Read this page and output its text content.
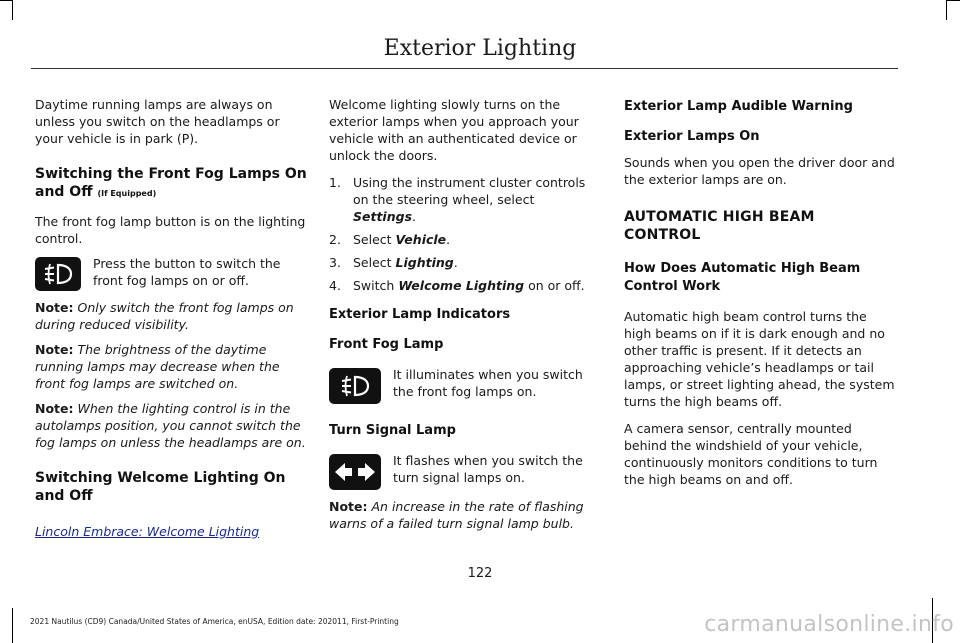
Exterior Lighting

Daytime running lamps are always on unless you switch on the headlamps or your vehicle is in park (P).

Switching the Front Fog Lamps On and Off (If Equipped)

The front fog lamp button is on the lighting control.

Press the button to switch the front fog lamps on or off.

Note: Only switch the front fog lamps on during reduced visibility.

Note: The brightness of the daytime running lamps may decrease when the front fog lamps are switched on.

Note: When the lighting control is in the autolamps position, you cannot switch the fog lamps on unless the headlamps are on.

Switching Welcome Lighting On and Off
Lincoln Embrace: Welcome Lighting

Welcome lighting slowly turns on the exterior lamps when you approach your vehicle with an authenticated device or unlock the doors.

1. Using the instrument cluster controls on the steering wheel, select Settings.
2. Select Vehicle.
3. Select Lighting.
4. Switch Welcome Lighting on or off.
Exterior Lamp Indicators
Front Fog Lamp

It illuminates when you switch the front fog lamps on.

Turn Signal Lamp

It flashes when you switch the turn signal lamps on.

Note: An increase in the rate of flashing warns of a failed turn signal lamp bulb.

Exterior Lamp Audible Warning
Exterior Lamps On

Sounds when you open the driver door and the exterior lamps are on.

AUTOMATIC HIGH BEAM CONTROL
How Does Automatic High Beam Control Work

Automatic high beam control turns the high beams on if it is dark enough and no other traffic is present. If it detects an approaching vehicle’s headlamps or tail lamps, or street lighting ahead, the system turns the high beams off.

A camera sensor, centrally mounted behind the windshield of your vehicle, continuously monitors conditions to turn the high beams on and off.

122
2021 Nautilus (CD9) Canada/United States of America, enUSA, Edition date: 202011, First-Printing	carmanualsonline.info
